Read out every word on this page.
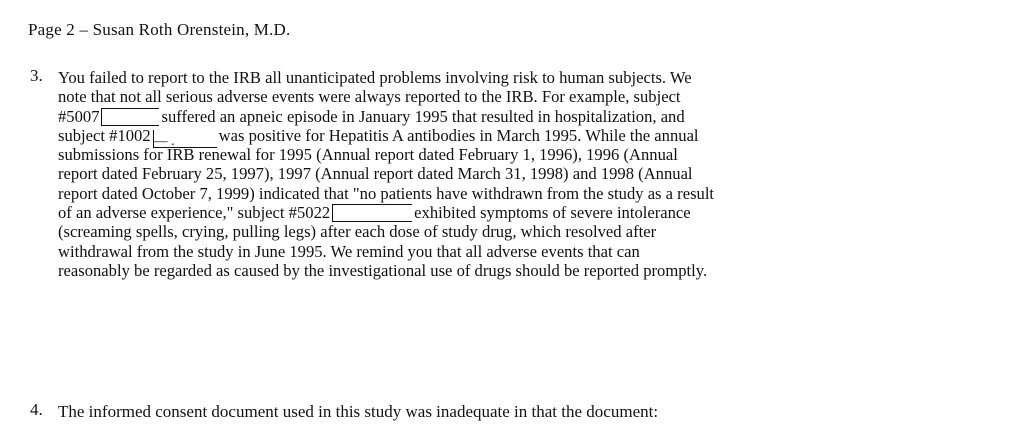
Page 2 – Susan Roth Orenstein, M.D.
3. You failed to report to the IRB all unanticipated problems involving risk to human subjects. We
note that not all serious adverse events were always reported to the IRB. For example, subject
#5007	suffered an apneic episode in January 1995 that resulted in hospitalization, and
subject #1002 — .	was positive for Hepatitis A antibodies in March 1995. While the annual
submissions for IRB renewal for 1995 (Annual report dated February 1, 1996), 1996 (Annual
report dated February 25, 1997), 1997 (Annual report dated March 31, 1998) and 1998 (Annual
report dated October 7, 1999) indicated that "no patients have withdrawn from the study as a result
of an adverse experience," subject #5022	exhibited symptoms of severe intolerance
(screaming spells, crying, pulling legs) after each dose of study drug, which resolved after
withdrawal from the study in June 1995. We remind you that all adverse events that can
reasonably be regarded as caused by the investigational use of drugs should be reported promptly.
4. The informed consent document used in this study was inadequate in that the document:
